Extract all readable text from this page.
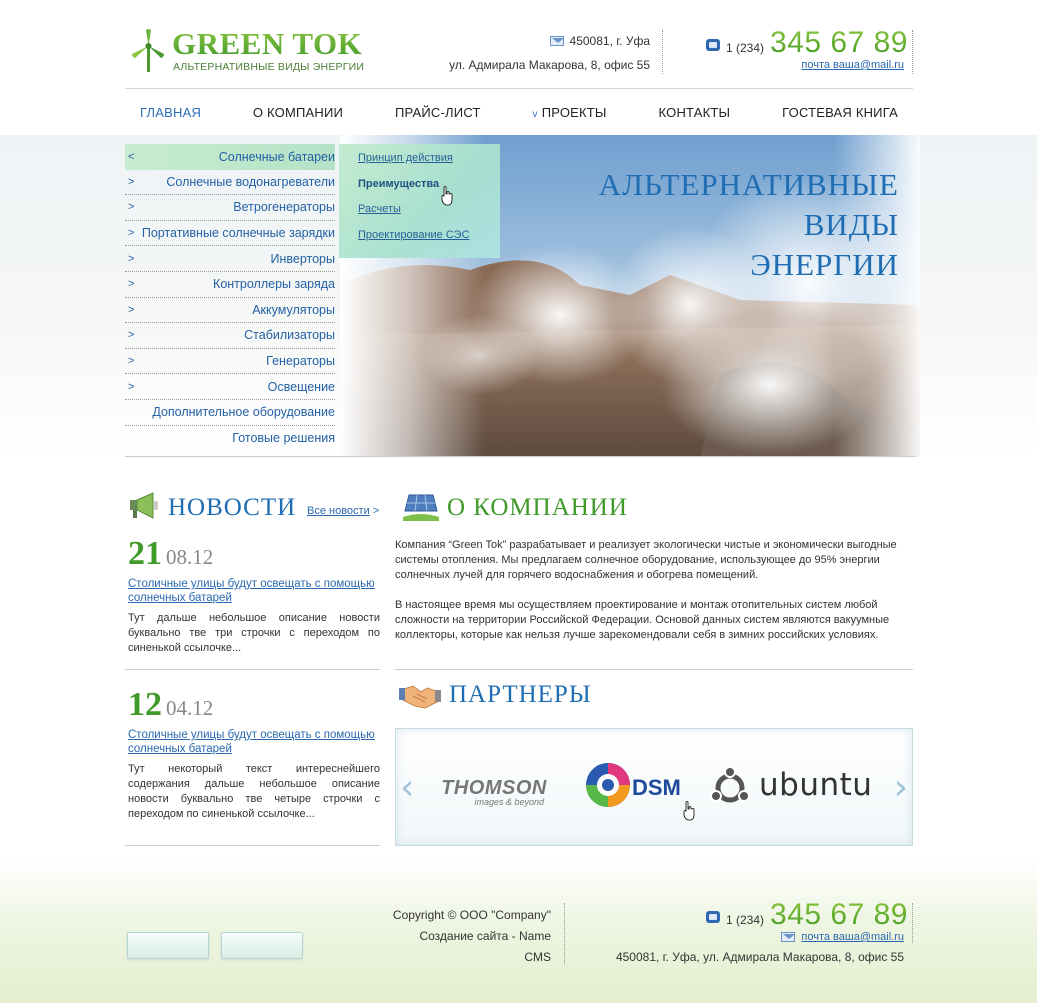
GREEN TOK
АЛЬТЕРНАТИВНЫЕ ВИДЫ ЭНЕРГИИ
450081, г. Уфа
ул. Адмирала Макарова, 8, офис 55
1 (234) 345 67 89
почта ваша@mail.ru
ГЛАВНАЯ	О КОМПАНИИ	ПРАЙС-ЛИСТ	v ПРОЕКТЫ	КОНТАКТЫ	ГОСТЕВАЯ КНИГА
АЛЬТЕРНАТИВНЫЕ
ВИДЫ
ЭНЕРГИИ
<	Солнечные батареи
>	Солнечные водонагреватели
>	Ветрогенераторы
> Портативные солнечные зарядки
>	Инверторы
>	Контроллеры заряда
>	Аккумуляторы
>	Стабилизаторы
>	Генераторы
>	Освещение
Дополнительное оборудование
Готовые решения
Принцип действия
Преимущества
Расчеты
Проектирование СЭС
НОВОСТИ Все новости >
21 08.12
Столичные улицы будут освещать с помощью солнечных батарей
Тут дальше небольшое описание новости буквально тве три строчки с переходом по синенькой ссылочке...
12 04.12
Столичные улицы будут освещать с помощью солнечных батарей
Тут некоторый текст интереснейшего содержания дальше небольшое описание новости буквально тве четыре строчки с переходом по синенькой ссылочке...
О КОМПАНИИ

Компания “Green Tok” разрабатывает и реализует экологически чистые и экономически выгодные системы отопления. Мы предлагаем солнечное оборудование, использующее до 95% энергии солнечных лучей для горячего водоснабжения и обогрева помещений.

В настоящее время мы осуществляем проектирование и монтаж отопительных систем любой сложности на территории Российской Федерации. Основой данных систем являются вакуумные коллекторы, которые как нельзя лучше зарекомендовали себя в зимних российских условиях.

ПАРТНЕРЫ
‹	›
THOMSON
images & beyond
DSM	ubuntu
Copyright © ООО "Company"
Создание сайта - Name
CMS
1 (234) 345 67 89
почта ваша@mail.ru
450081, г. Уфа, ул. Адмирала Макарова, 8, офис 55
